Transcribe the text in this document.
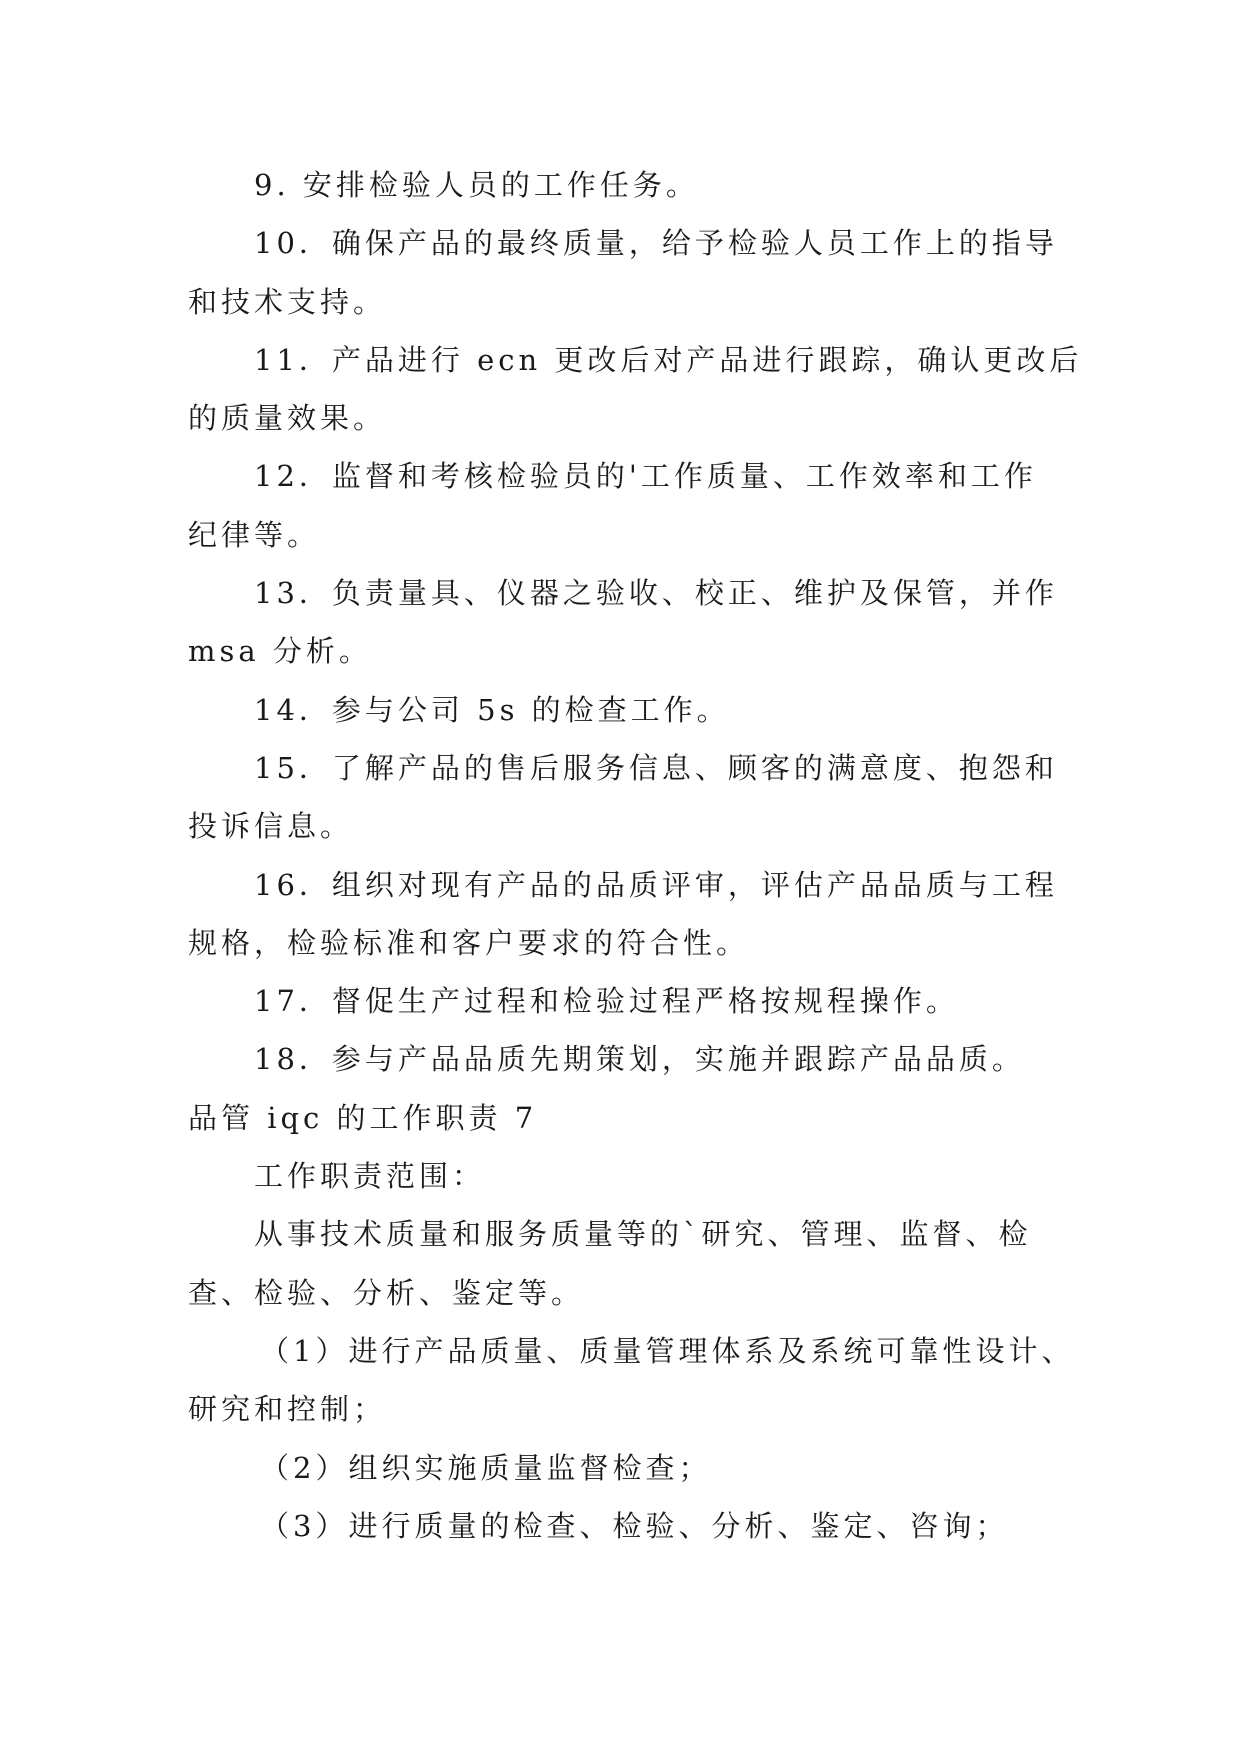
9. 安排检验人员的工作任务。
10．确保产品的最终质量，给予检验人员工作上的指导
和技术支持。
11．产品进行 ecn 更改后对产品进行跟踪，确认更改后
的质量效果。
12．监督和考核检验员的'工作质量、工作效率和工作
纪律等。
13．负责量具、仪器之验收、校正、维护及保管，并作
msa 分析。
14．参与公司 5s 的检查工作。
15．了解产品的售后服务信息、顾客的满意度、抱怨和
投诉信息。
16．组织对现有产品的品质评审，评估产品品质与工程
规格，检验标准和客户要求的符合性。
17．督促生产过程和检验过程严格按规程操作。
18．参与产品品质先期策划，实施并跟踪产品品质。
品管 iqc 的工作职责 7
工作职责范围：
从事技术质量和服务质量等的`研究、管理、监督、检
查、检验、分析、鉴定等。
（1）进行产品质量、质量管理体系及系统可靠性设计、
研究和控制；
（2）组织实施质量监督检查；
（3）进行质量的检查、检验、分析、鉴定、咨询；
